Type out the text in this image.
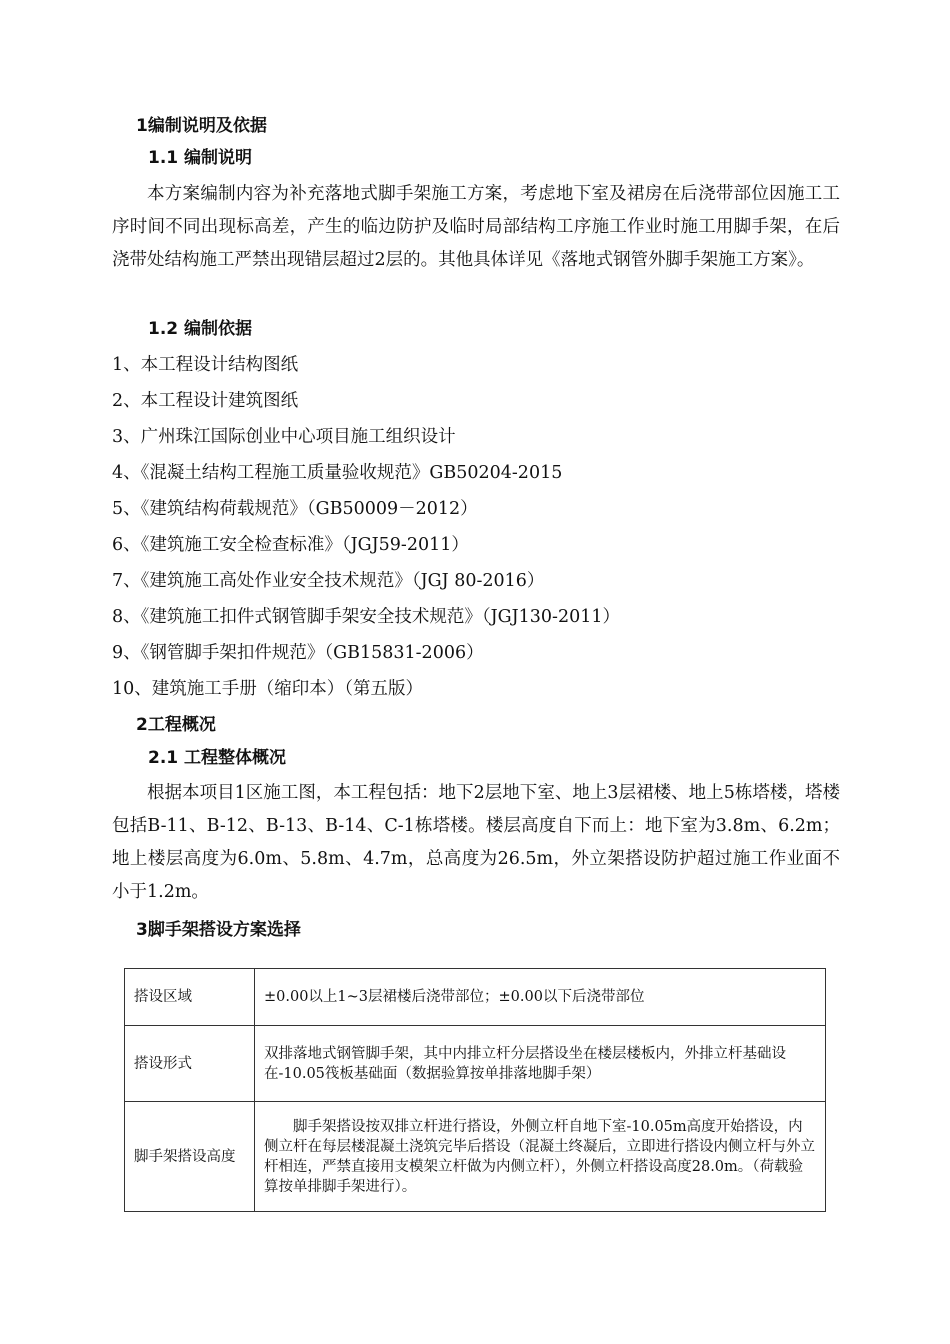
1编制说明及依据
1.1 编制说明
本方案编制内容为补充落地式脚手架施工方案，考虑地下室及裙房在后浇带部位因施工工序时间不同出现标高差，产生的临边防护及临时局部结构工序施工作业时施工用脚手架，在后浇带处结构施工严禁出现错层超过2层的。其他具体详见《落地式钢管外脚手架施工方案》。
1.2 编制依据
1、本工程设计结构图纸
2、本工程设计建筑图纸
3、广州珠江国际创业中心项目施工组织设计
4、《混凝土结构工程施工质量验收规范》GB50204-2015
5、《建筑结构荷载规范》（GB50009－2012）
6、《建筑施工安全检查标准》（JGJ59-2011）
7、《建筑施工高处作业安全技术规范》（JGJ 80-2016）
8、《建筑施工扣件式钢管脚手架安全技术规范》（JGJ130-2011）
9、《钢管脚手架扣件规范》（GB15831-2006）
10、建筑施工手册（缩印本）（第五版）
2工程概况
2.1 工程整体概况
根据本项目1区施工图，本工程包括：地下2层地下室、地上3层裙楼、地上5栋塔楼，塔楼包括B-11、B-12、B-13、B-14、C-1栋塔楼。楼层高度自下而上：地下室为3.8m、6.2m；地上楼层高度为6.0m、5.8m、4.7m，总高度为26.5m，外立架搭设防护超过施工作业面不小于1.2m。
3脚手架搭设方案选择
搭设区域	±0.00以上1~3层裙楼后浇带部位；±0.00以下后浇带部位
搭设形式	双排落地式钢管脚手架，其中内排立杆分层搭设坐在楼层楼板内，外排立杆基础设在-10.05筏板基础面（数据验算按单排落地脚手架）
脚手架搭设高度	脚手架搭设按双排立杆进行搭设，外侧立杆自地下室-10.05m高度开始搭设，内侧立杆在每层楼混凝土浇筑完毕后搭设（混凝土终凝后，立即进行搭设内侧立杆与外立杆相连，严禁直接用支模架立杆做为内侧立杆），外侧立杆搭设高度28.0m。（荷载验算按单排脚手架进行）。
